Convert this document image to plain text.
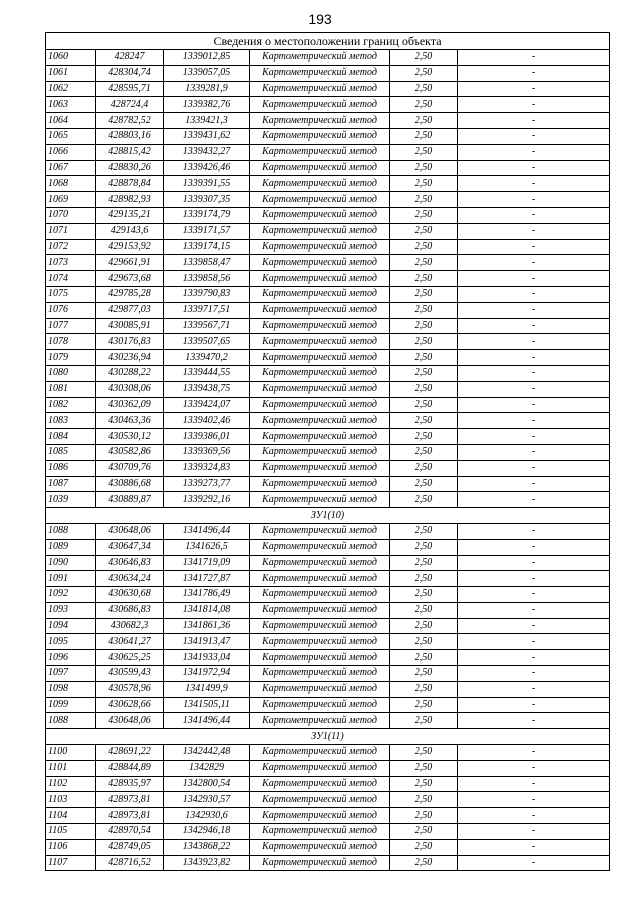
193
Сведения о местоположении границ объекта					
1060	428247	1339012,85	Картометрический метод	2,50	-
1061	428304,74	1339057,05	Картометрический метод	2,50	-
1062	428595,71	1339281,9	Картометрический метод	2,50	-
1063	428724,4	1339382,76	Картометрический метод	2,50	-
1064	428782,52	1339421,3	Картометрический метод	2,50	-
1065	428803,16	1339431,62	Картометрический метод	2,50	-
1066	428815,42	1339432,27	Картометрический метод	2,50	-
1067	428830,26	1339426,46	Картометрический метод	2,50	-
1068	428878,84	1339391,55	Картометрический метод	2,50	-
1069	428982,93	1339307,35	Картометрический метод	2,50	-
1070	429135,21	1339174,79	Картометрический метод	2,50	-
1071	429143,6	1339171,57	Картометрический метод	2,50	-
1072	429153,92	1339174,15	Картометрический метод	2,50	-
1073	429661,91	1339858,47	Картометрический метод	2,50	-
1074	429673,68	1339858,56	Картометрический метод	2,50	-
1075	429785,28	1339790,83	Картометрический метод	2,50	-
1076	429877,03	1339717,51	Картометрический метод	2,50	-
1077	430085,91	1339567,71	Картометрический метод	2,50	-
1078	430176,83	1339507,65	Картометрический метод	2,50	-
1079	430236,94	1339470,2	Картометрический метод	2,50	-
1080	430288,22	1339444,55	Картометрический метод	2,50	-
1081	430308,06	1339438,75	Картометрический метод	2,50	-
1082	430362,09	1339424,07	Картометрический метод	2,50	-
1083	430463,36	1339402,46	Картометрический метод	2,50	-
1084	430530,12	1339386,01	Картометрический метод	2,50	-
1085	430582,86	1339369,56	Картометрический метод	2,50	-
1086	430709,76	1339324,83	Картометрический метод	2,50	-
1087	430886,68	1339273,77	Картометрический метод	2,50	-
1039	430889,87	1339292,16	Картометрический метод	2,50	-
ЗУ1(10)					
1088	430648,06	1341496,44	Картометрический метод	2,50	-
1089	430647,34	1341626,5	Картометрический метод	2,50	-
1090	430646,83	1341719,09	Картометрический метод	2,50	-
1091	430634,24	1341727,87	Картометрический метод	2,50	-
1092	430630,68	1341786,49	Картометрический метод	2,50	-
1093	430686,83	1341814,08	Картометрический метод	2,50	-
1094	430682,3	1341861,36	Картометрический метод	2,50	-
1095	430641,27	1341913,47	Картометрический метод	2,50	-
1096	430625,25	1341933,04	Картометрический метод	2,50	-
1097	430599,43	1341972,94	Картометрический метод	2,50	-
1098	430578,96	1341499,9	Картометрический метод	2,50	-
1099	430628,66	1341505,11	Картометрический метод	2,50	-
1088	430648,06	1341496,44	Картометрический метод	2,50	-
ЗУ1(11)					
1100	428691,22	1342442,48	Картометрический метод	2,50	-
1101	428844,89	1342829	Картометрический метод	2,50	-
1102	428935,97	1342800,54	Картометрический метод	2,50	-
1103	428973,81	1342930,57	Картометрический метод	2,50	-
1104	428973,81	1342930,6	Картометрический метод	2,50	-
1105	428970,54	1342946,18	Картометрический метод	2,50	-
1106	428749,05	1343868,22	Картометрический метод	2,50	-
1107	428716,52	1343923,82	Картометрический метод	2,50	-
